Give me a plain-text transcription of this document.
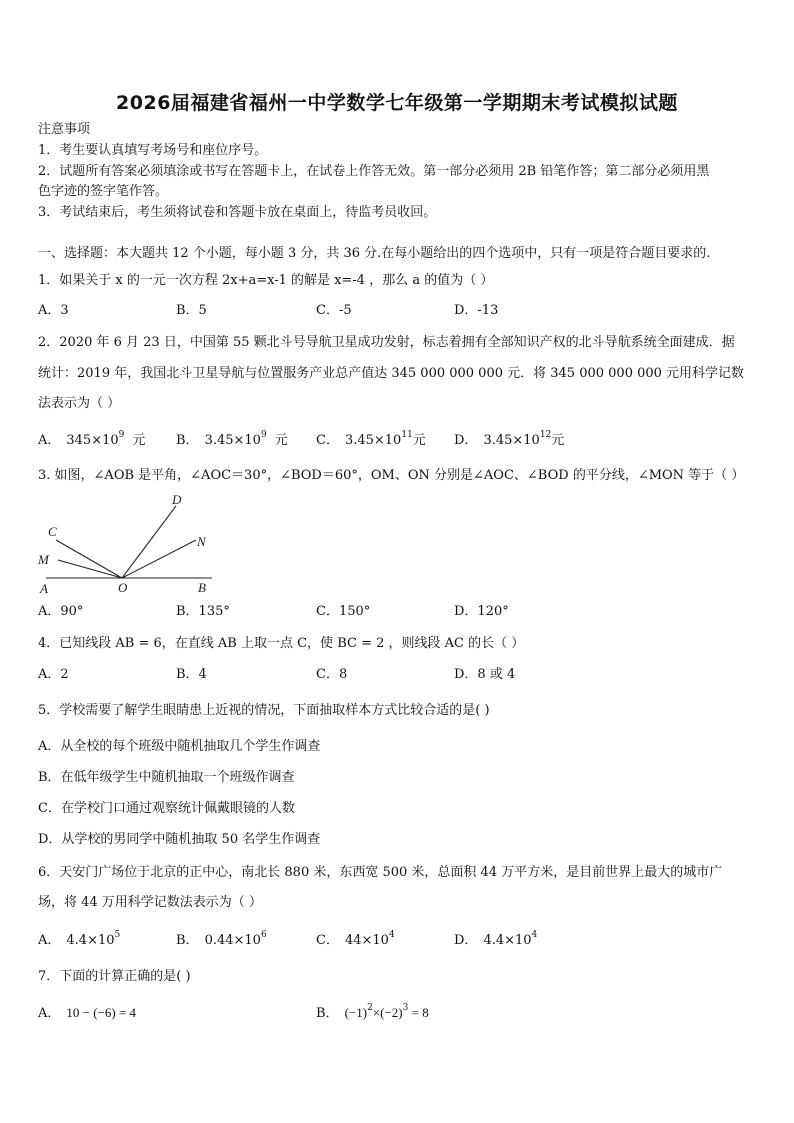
2026届福建省福州一中学数学七年级第一学期期末考试模拟试题
注意事项
1．考生要认真填写考场号和座位序号。
2．试题所有答案必须填涂或书写在答题卡上，在试卷上作答无效。第一部分必须用 2B 铅笔作答；第二部分必须用黑
色字迹的签字笔作答。
3．考试结束后，考生须将试卷和答题卡放在桌面上，待监考员收回。
一、选择题：本大题共 12 个小题，每小题 3 分，共 36 分.在每小题给出的四个选项中，只有一项是符合题目要求的.
1．如果关于 x 的一元一次方程 2x+a=x-1 的解是 x=-4 ，那么 a 的值为（ ）
A．3	B．5	C．-5	D．-13
2．2020 年 6 月 23 日，中国第 55 颗北斗号导航卫星成功发射，标志着拥有全部知识产权的北斗导航系统全面建成．据
统计：2019 年，我国北斗卫星导航与位置服务产业总产值达 345 000 000 000 元．将 345 000 000 000 元用科学记数
法表示为（ ）
A． $345\times 10^9$ 元 B． $3.45\times 10^9$ 元 C． $3.45\times 10^{11}$元 D． $3.45\times 10^{12}$元
3. 如图，∠AOB 是平角，∠AOC＝30°，∠BOD＝60°，OM、ON 分别是∠AOC、∠BOD 的平分线，∠MON 等于（ ）
A	O	B
C
M
D
N
A．90°	B．135°	C．150°	D．120°
4．已知线段 AB = 6，在直线 AB 上取一点 C，使 BC = 2 ，则线段 AC 的长（ ）
A．2	B．4	C．8	D．8 或 4
5．学校需要了解学生眼睛患上近视的情况，下面抽取样本方式比较合适的是( )
A．从全校的每个班级中随机抽取几个学生作调查
B．在低年级学生中随机抽取一个班级作调查
C．在学校门口通过观察统计佩戴眼镜的人数
D．从学校的男同学中随机抽取 50 名学生作调查
6．天安门广场位于北京的正中心，南北长 880 米，东西宽 500 米，总面积 44 万平方米，是目前世界上最大的城市广
场，将 44 万用科学记数法表示为（ ）
A． $4.4\times 10^5$	B． $0.44\times 10^6$	C． $44\times 10^4$	D． $4.4\times 10^4$
7．下面的计算正确的是( )
A． 10 − (−6) = 4	B． $(-1)^2\times(-2)^3 = 8$
